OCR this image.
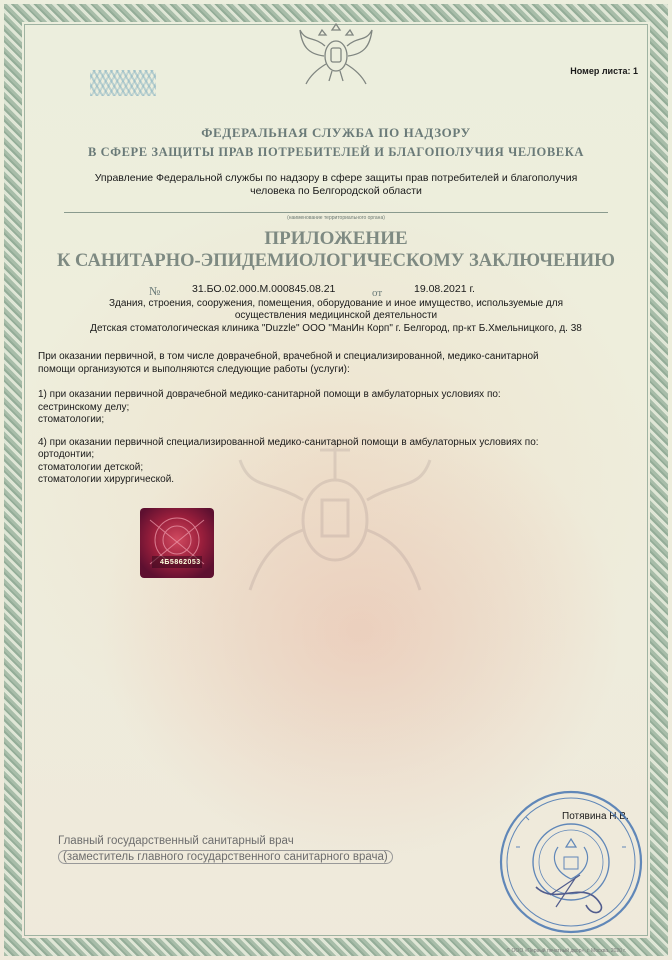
Номер листа: 1
ФЕДЕРАЛЬНАЯ СЛУЖБА ПО НАДЗОРУ
В СФЕРЕ ЗАЩИТЫ ПРАВ ПОТРЕБИТЕЛЕЙ И БЛАГОПОЛУЧИЯ ЧЕЛОВЕКА
Управление Федеральной службы по надзору в сфере защиты прав потребителей и благополучия
человека по Белгородской области
(наименование территориального органа)
ПРИЛОЖЕНИЕ
К САНИТАРНО-ЭПИДЕМИОЛОГИЧЕСКОМУ ЗАКЛЮЧЕНИЮ
№	31.БО.02.000.М.000845.08.21	от	19.08.2021 г.
Здания, строения, сооружения, помещения, оборудование и иное имущество, используемые для
осуществления медицинской деятельности
Детская стоматологическая клиника "Duzzle" ООО "МанИн Корп" г. Белгород, пр-кт Б.Хмельницкого, д. 38

При оказании первичной, в том числе доврачебной, врачебной и специализированной, медико-санитарной

помощи организуются и выполняются следующие работы (услуги):

1) при оказании первичной доврачебной медико-санитарной помощи в амбулаторных условиях по:

сестринскому делу;

стоматологии;

4) при оказании первичной специализированной медико-санитарной помощи в амбулаторных условиях по:

ортодонтии;

стоматологии детской;

стоматологии хирургической.

4Б5862053
Главный государственный санитарный врач
(заместитель главного государственного санитарного врача)
Потявина Н.В.
© ООО «Первый печатный двор», г. Москва, 2020 г.
